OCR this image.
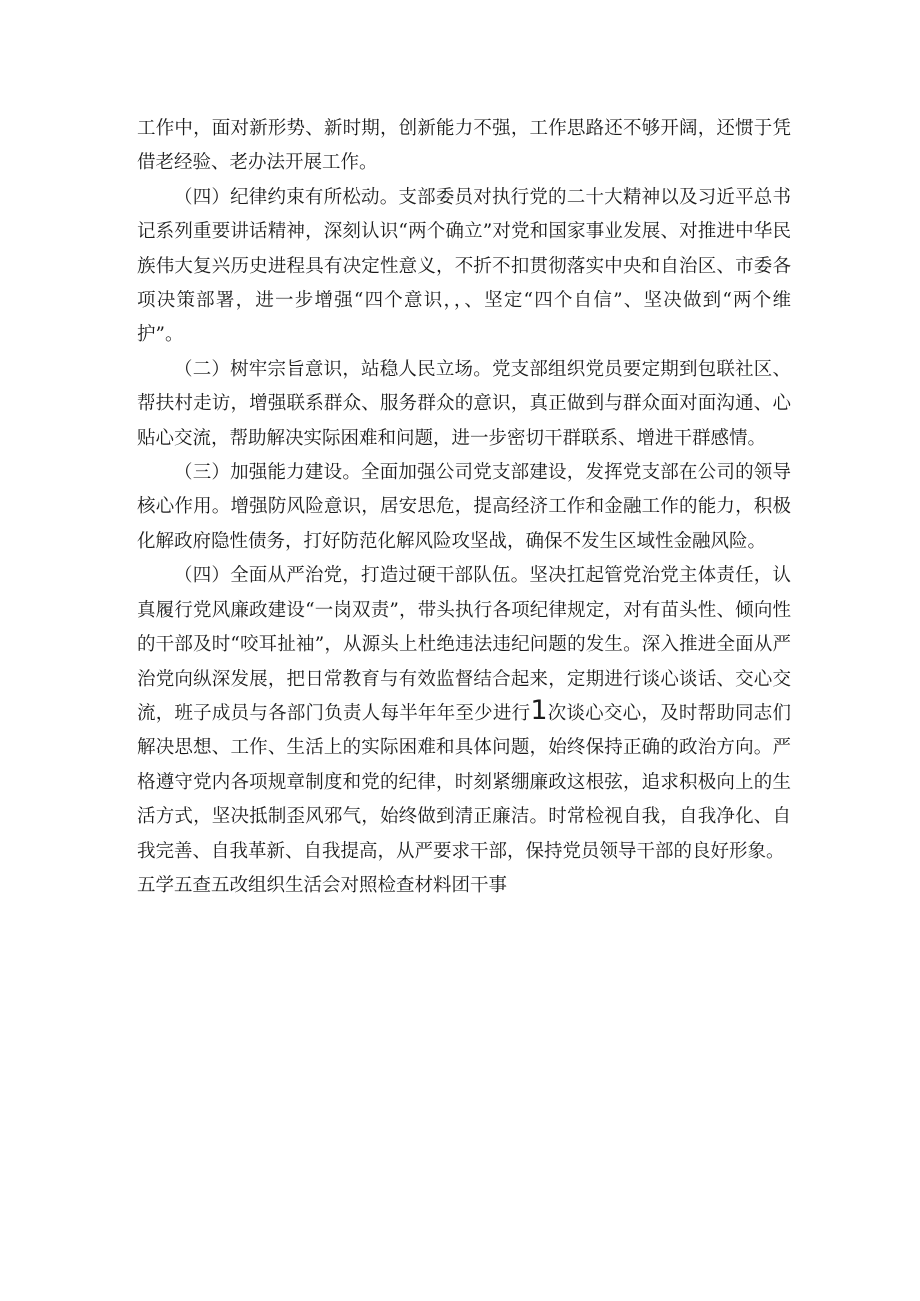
工作中，面对新形势、新时期，创新能力不强，工作思路还不够开阔，还惯于凭借老经验、老办法开展工作。

（四）纪律约束有所松动。支部委员对执行党的二十大精神以及习近平总书记系列重要讲话精神，深刻认识“两个确立”对党和国家事业发展、对推进中华民族伟大复兴历史进程具有决定性意义，不折不扣贯彻落实中央和自治区、市委各项决策部署，进一步增强“四个意识，，、坚定“四个自信”、坚决做到“两个维护”。

（二）树牢宗旨意识，站稳人民立场。党支部组织党员要定期到包联社区、帮扶村走访，增强联系群众、服务群众的意识，真正做到与群众面对面沟通、心贴心交流，帮助解决实际困难和问题，进一步密切干群联系、增进干群感情。

（三）加强能力建设。全面加强公司党支部建设，发挥党支部在公司的领导核心作用。增强防风险意识，居安思危，提高经济工作和金融工作的能力，积极化解政府隐性债务，打好防范化解风险攻坚战，确保不发生区域性金融风险。

（四）全面从严治党，打造过硬干部队伍。坚决扛起管党治党主体责任，认真履行党风廉政建设“一岗双责”，带头执行各项纪律规定，对有苗头性、倾向性的干部及时“咬耳扯袖”，从源头上杜绝违法违纪问题的发生。深入推进全面从严治党向纵深发展，把日常教育与有效监督结合起来，定期进行谈心谈话、交心交流，班子成员与各部门负责人每半年年至少进行1次谈心交心，及时帮助同志们解决思想、工作、生活上的实际困难和具体问题，始终保持正确的政治方向。严格遵守党内各项规章制度和党的纪律，时刻紧绷廉政这根弦，追求积极向上的生活方式，坚决抵制歪风邪气，始终做到清正廉洁。时常检视自我，自我净化、自我完善、自我革新、自我提高，从严要求干部，保持党员领导干部的良好形象。

五学五查五改组织生活会对照检查材料团干事
